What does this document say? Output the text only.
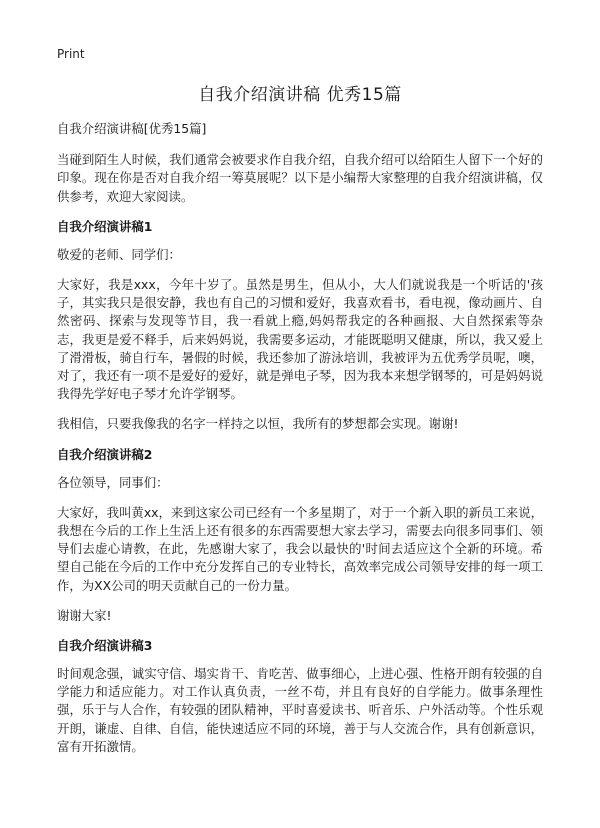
Print
自我介绍演讲稿 优秀15篇

自我介绍演讲稿[优秀15篇]

当碰到陌生人时候，我们通常会被要求作自我介绍，自我介绍可以给陌生人留下一个好的印象。现在你是否对自我介绍一筹莫展呢？以下是小编帮大家整理的自我介绍演讲稿，仅供参考，欢迎大家阅读。

自我介绍演讲稿1

敬爱的老师、同学们：

大家好，我是xxx，今年十岁了。虽然是男生，但从小，大人们就说我是一个听话的'孩子，其实我只是很安静，我也有自己的习惯和爱好，我喜欢看书，看电视，像动画片、自然密码、探索与发现等节目，我一看就上瘾,妈妈帮我定的各种画报、大自然探索等杂志，我更是爱不释手，后来妈妈说，我需要多运动，才能既聪明又健康，所以，我又爱上了滑滑板，骑自行车，暑假的时候，我还参加了游泳培训，我被评为五优秀学员呢，噢，对了，我还有一项不是爱好的爱好，就是弹电子琴，因为我本来想学钢琴的，可是妈妈说我得先学好电子琴才允许学钢琴。

我相信，只要我像我的名字一样持之以恒，我所有的梦想都会实现。谢谢!

自我介绍演讲稿2

各位领导，同事们：

大家好，我叫黄xx，来到这家公司已经有一个多星期了，对于一个新入职的新员工来说，我想在今后的工作上生活上还有很多的东西需要想大家去学习，需要去向很多同事们、领导们去虚心请教，在此，先感谢大家了，我会以最快的'时间去适应这个全新的环境。希望自己能在今后的工作中充分发挥自己的专业特长，高效率完成公司领导安排的每一项工作，为XX公司的明天贡献自己的一份力量。

谢谢大家!

自我介绍演讲稿3

时间观念强，诚实守信、塌实肯干、肯吃苦、做事细心，上进心强、性格开朗有较强的自学能力和适应能力。对工作认真负责，一丝不苟，并且有良好的自学能力。做事条理性强，乐于与人合作，有较强的团队精神，平时喜爱读书、听音乐、户外活动等。个性乐观开朗，谦虚、自律、自信，能快速适应不同的环境，善于与人交流合作，具有创新意识，富有开拓激情。
